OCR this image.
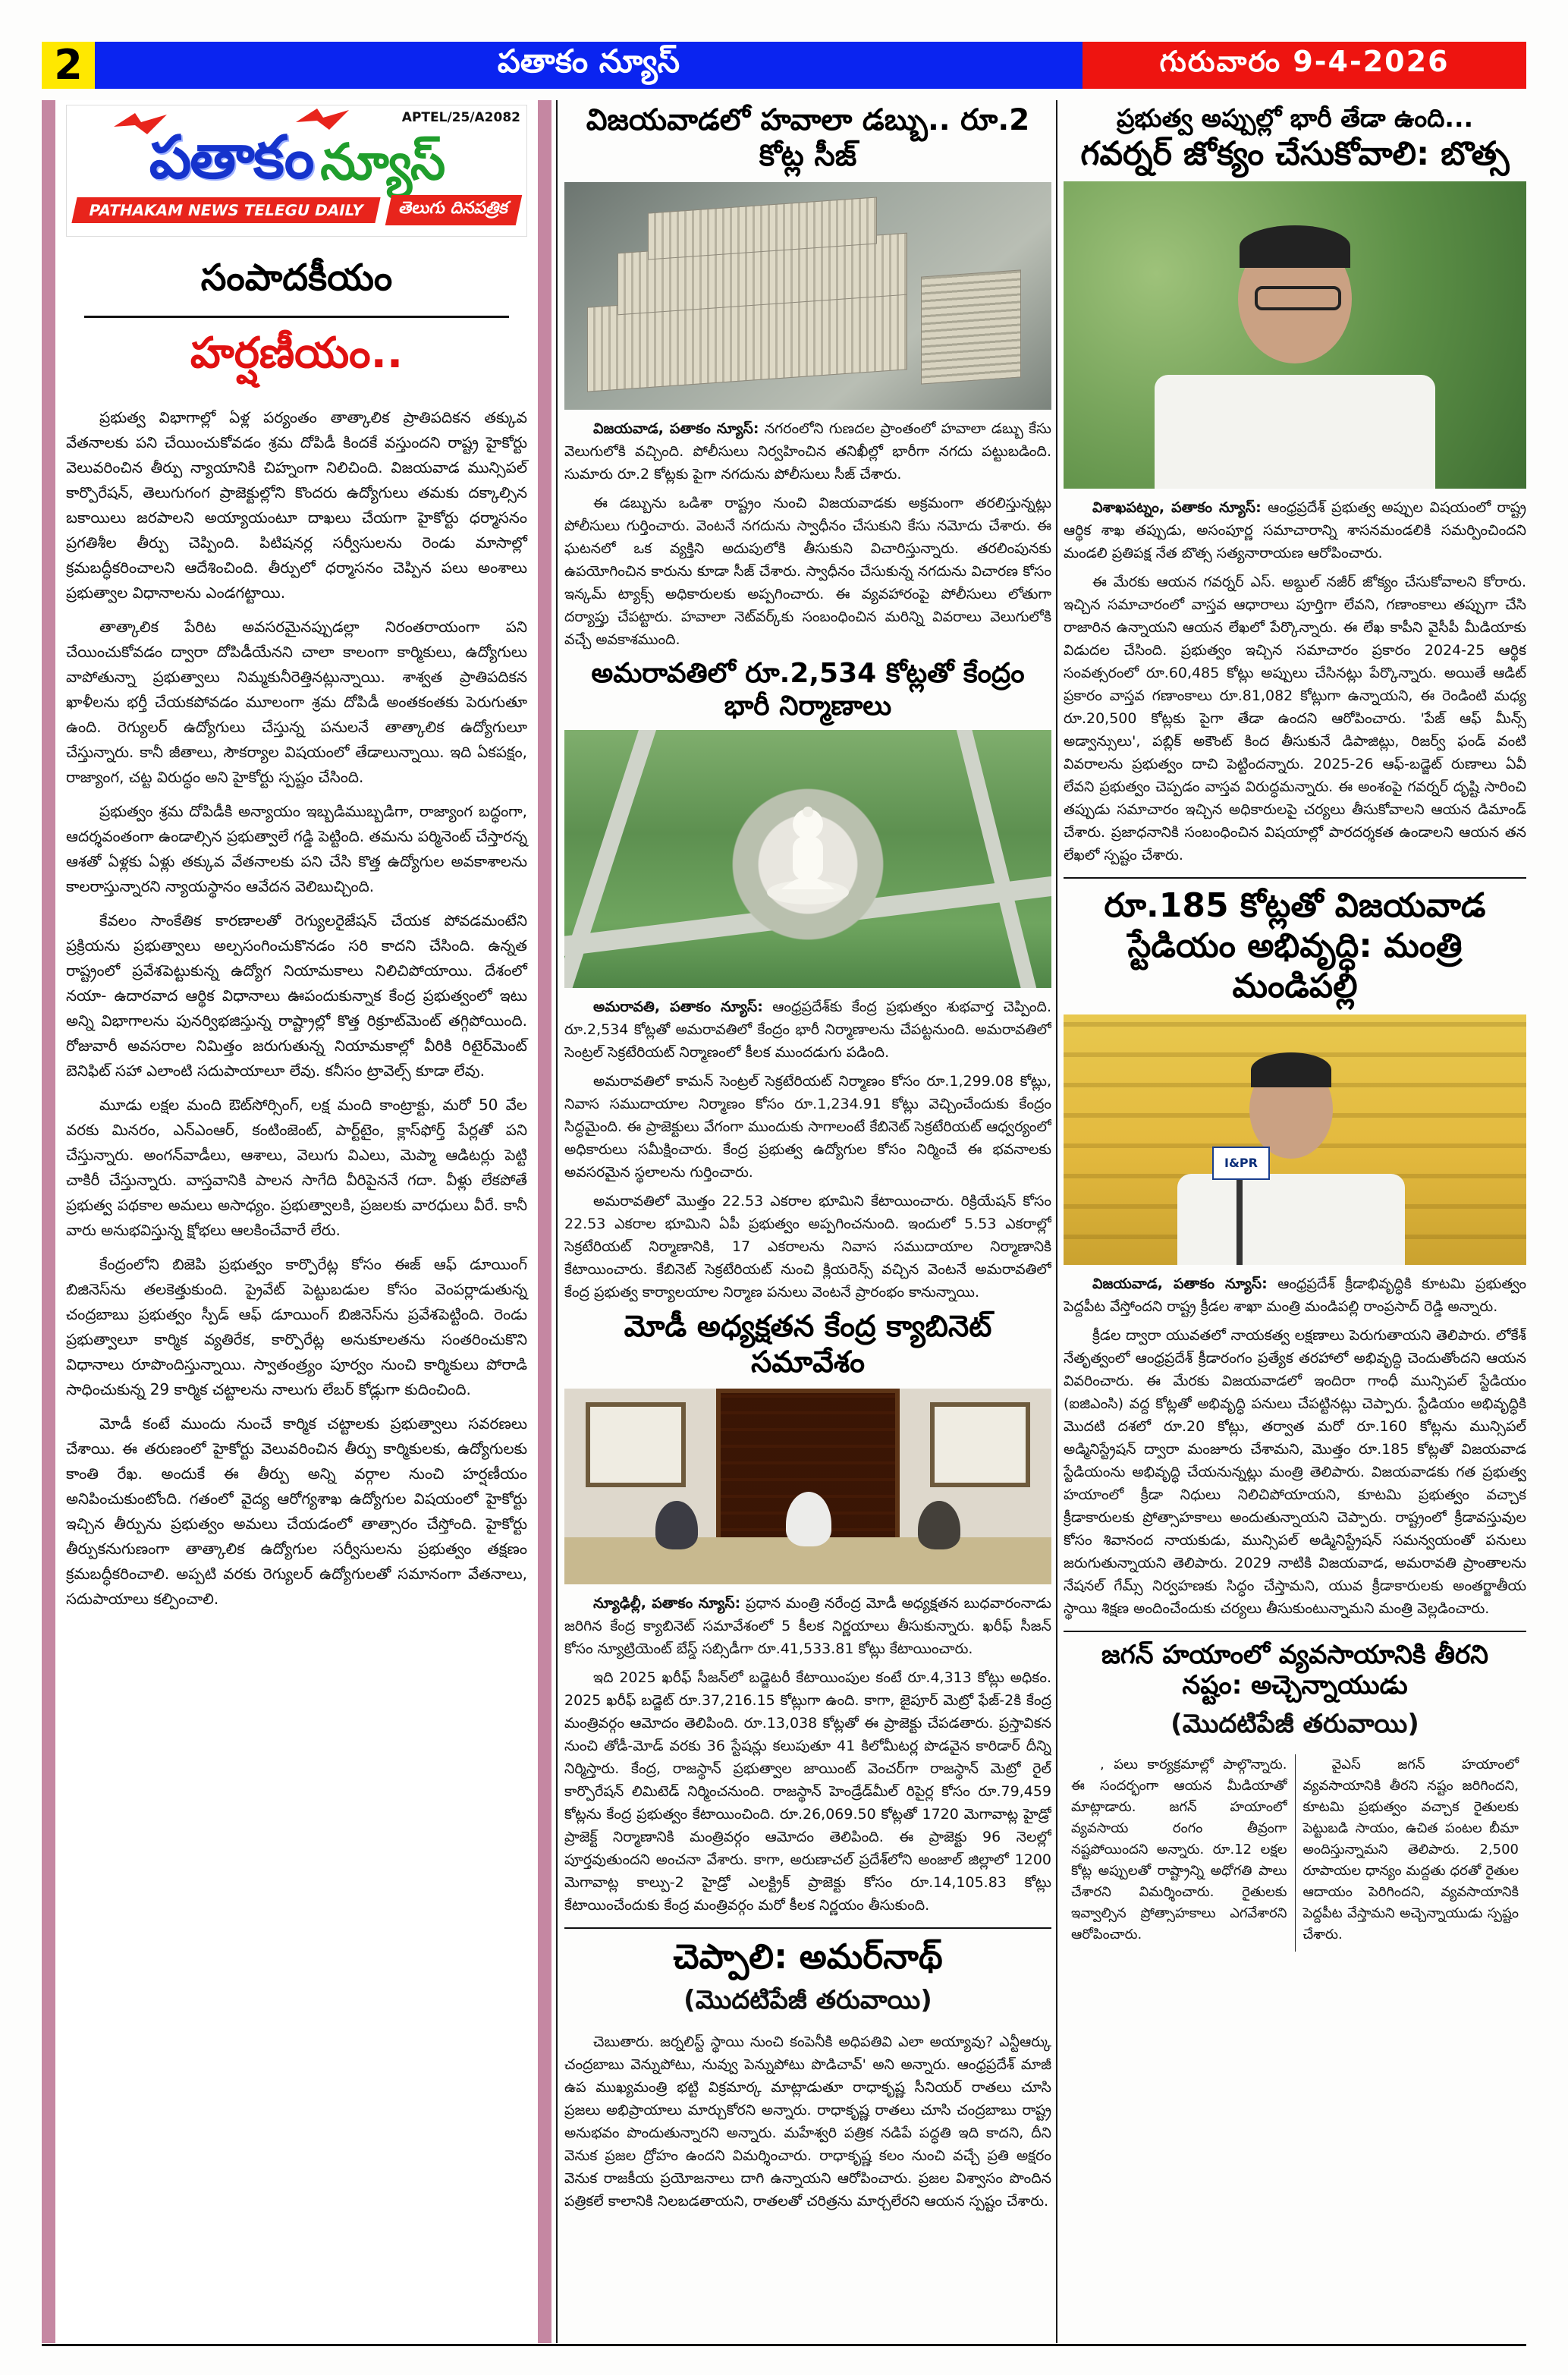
2	పతాకం న్యూస్	గురువారం 9-4-2026
APTEL/25/A2082
పతాకం న్యూస్
PATHAKAM NEWS TELEGU DAILY	తెలుగు దినపత్రిక
సంపాదకీయం
హర్షణీయం..

ప్రభుత్వ విభాగాల్లో ఏళ్ల పర్యంతం తాత్కాలిక ప్రాతిపదికన తక్కువ వేతనాలకు పని చేయించుకోవడం శ్రమ దోపిడీ కిందకే వస్తుందని రాష్ట్ర హైకోర్టు వెలువరించిన తీర్పు న్యాయానికి చిహ్నంగా నిలిచింది. విజయవాడ మున్సిపల్ కార్పొరేషన్, తెలుగుగంగ ప్రాజెక్టుల్లోని కొందరు ఉద్యోగులు తమకు దక్కాల్సిన బకాయిలు జరపాలని అయ్యాయంటూ దాఖలు చేయగా హైకోర్టు ధర్మాసనం ప్రగతిశీల తీర్పు చెప్పింది. పిటిషనర్ల సర్వీసులను రెండు మాసాల్లో క్రమబద్ధీకరించాలని ఆదేశించింది. తీర్పులో ధర్మాసనం చెప్పిన పలు అంశాలు ప్రభుత్వాల విధానాలను ఎండగట్టాయి.

తాత్కాలిక పేరిట అవసరమైనప్పుడల్లా నిరంతరాయంగా పని చేయించుకోవడం ద్వారా దోపిడీయేనని చాలా కాలంగా కార్మికులు, ఉద్యోగులు వాపోతున్నా ప్రభుత్వాలు నిమ్మకునీరెత్తినట్లున్నాయి. శాశ్వత ప్రాతిపదికన ఖాళీలను భర్తీ చేయకపోవడం మూలంగా శ్రమ దోపిడీ అంతకంతకు పెరుగుతూ ఉంది. రెగ్యులర్ ఉద్యోగులు చేస్తున్న పనులనే తాత్కాలిక ఉద్యోగులూ చేస్తున్నారు. కానీ జీతాలు, సౌకర్యాల విషయంలో తేడాలున్నాయి. ఇది ఏకపక్షం, రాజ్యాంగ, చట్ట విరుద్ధం అని హైకోర్టు స్పష్టం చేసింది.

ప్రభుత్వం శ్రమ దోపిడీకి అన్యాయం ఇబ్బడిముబ్బడిగా, రాజ్యాంగ బద్ధంగా, ఆదర్శవంతంగా ఉండాల్సిన ప్రభుత్వాలే గడ్డి పెట్టింది. తమను పర్మినెంట్ చేస్తారన్న ఆశతో ఏళ్లకు ఏళ్లు తక్కువ వేతనాలకు పని చేసి కొత్త ఉద్యోగుల అవకాశాలను కాలరాస్తున్నారని న్యాయస్థానం ఆవేదన వెలిబుచ్చింది.

కేవలం సాంకేతిక కారణాలతో రెగ్యులరైజేషన్ చేయక పోవడమంటేని ప్రక్రియను ప్రభుత్వాలు అల్పసంగించుకొనడం సరి కాదని చేసింది. ఉన్నత రాష్ట్రంలో ప్రవేశపెట్టుకున్న ఉద్యోగ నియామకాలు నిలిచిపోయాయి. దేశంలో నయా- ఉదారవాద ఆర్థిక విధానాలు ఊపందుకున్నాక కేంద్ర ప్రభుత్వంలో ఇటు అన్ని విభాగాలను పునర్విభజిస్తున్న రాష్ట్రాల్లో కొత్త రిక్రూట్‌మెంట్ తగ్గిపోయింది. రోజువారీ అవసరాల నిమిత్తం జరుగుతున్న నియామకాల్లో వీరికి రిటైర్‌మెంట్ బెనిఫిట్ సహా ఎలాంటి సదుపాయాలూ లేవు. కనీసం ట్రావెల్స్ కూడా లేవు.

మూడు లక్షల మంది ఔట్‌సోర్సింగ్, లక్ష మంది కాంట్రాక్టు, మరో 50 వేల వరకు మినరం, ఎన్‌ఎంఆర్, కంటింజెంట్, పార్ట్‌టైం, క్లాస్‌ఫోర్త్ పేర్లతో పని చేస్తున్నారు. అంగన్‌వాడీలు, ఆశాలు, వెలుగు విఎలు, మెప్మా ఆడిటర్లు పెట్టి చాకిరీ చేస్తున్నారు. వాస్తవానికి పాలన సాగేది వీరిపైననే గదా. వీళ్లు లేకపోతే ప్రభుత్వ పథకాల అమలు అసాధ్యం. ప్రభుత్వాలకి, ప్రజలకు వారధులు వీరే. కానీ వారు అనుభవిస్తున్న క్షోభలు ఆలకించేవారే లేరు.

కేంద్రంలోని బిజెపి ప్రభుత్వం కార్పొరేట్ల కోసం ఈజ్ ఆఫ్ డూయింగ్ బిజినెస్‌ను తలకెత్తుకుంది. ప్రైవేట్ పెట్టుబడుల కోసం వెంపర్లాడుతున్న చంద్రబాబు ప్రభుత్వం స్పీడ్ ఆఫ్ డూయింగ్ బిజినెస్‌ను ప్రవేశపెట్టింది. రెండు ప్రభుత్వాలూ కార్మిక వ్యతిరేక, కార్పొరేట్ల అనుకూలతను సంతరించుకొని విధానాలు రూపొందిస్తున్నాయి. స్వాతంత్ర్యం పూర్వం నుంచి కార్మికులు పోరాడి సాధించుకున్న 29 కార్మిక చట్టాలను నాలుగు లేబర్ కోడ్లుగా కుదించింది.

మోడీ కంటే ముందు నుంచే కార్మిక చట్టాలకు ప్రభుత్వాలు సవరణలు చేశాయి. ఈ తరుణంలో హైకోర్టు వెలువరించిన తీర్పు కార్మికులకు, ఉద్యోగులకు కాంతి రేఖ. అందుకే ఈ తీర్పు అన్ని వర్గాల నుంచి హర్షణీయం అనిపించుకుంటోంది. గతంలో వైద్య ఆరోగ్యశాఖ ఉద్యోగుల విషయంలో హైకోర్టు ఇచ్చిన తీర్పును ప్రభుత్వం అమలు చేయడంలో తాత్సారం చేస్తోంది. హైకోర్టు తీర్పుకనుగుణంగా తాత్కాలిక ఉద్యోగుల సర్వీసులను ప్రభుత్వం తక్షణం క్రమబద్ధీకరించాలి. అప్పటి వరకు రెగ్యులర్ ఉద్యోగులతో సమానంగా వేతనాలు, సదుపాయాలు కల్పించాలి.

విజయవాడలో హవాలా డబ్బు.. రూ.2 కోట్ల సీజ్

విజయవాడ, పతాకం న్యూస్: నగరంలోని గుణదల ప్రాంతంలో హవాలా డబ్బు కేసు వెలుగులోకి వచ్చింది. పోలీసులు నిర్వహించిన తనిఖీల్లో భారీగా నగదు పట్టుబడింది. సుమారు రూ.2 కోట్లకు పైగా నగదును పోలీసులు సీజ్ చేశారు.

ఈ డబ్బును ఒడిశా రాష్ట్రం నుంచి విజయవాడకు అక్రమంగా తరలిస్తున్నట్లు పోలీసులు గుర్తించారు. వెంటనే నగదును స్వాధీనం చేసుకుని కేసు నమోదు చేశారు. ఈ ఘటనలో ఒక వ్యక్తిని అదుపులోకి తీసుకుని విచారిస్తున్నారు. తరలింపునకు ఉపయోగించిన కారును కూడా సీజ్ చేశారు. స్వాధీనం చేసుకున్న నగదును విచారణ కోసం ఇన్కమ్ ట్యాక్స్ అధికారులకు అప్పగించారు. ఈ వ్యవహారంపై పోలీసులు లోతుగా దర్యాప్తు చేపట్టారు. హవాలా నెట్‌వర్క్‌కు సంబంధించిన మరిన్ని వివరాలు వెలుగులోకి వచ్చే అవకాశముంది.

అమరావతిలో రూ.2,534 కోట్లతో కేంద్రం భారీ నిర్మాణాలు

అమరావతి, పతాకం న్యూస్: ఆంధ్రప్రదేశ్‌కు కేంద్ర ప్రభుత్వం శుభవార్త చెప్పింది. రూ.2,534 కోట్లతో అమరావతిలో కేంద్రం భారీ నిర్మాణాలను చేపట్టనుంది. అమరావతిలో సెంట్రల్ సెక్రటేరియట్ నిర్మాణంలో కీలక ముందడుగు పడింది.

అమరావతిలో కామన్ సెంట్రల్ సెక్రటేరియట్ నిర్మాణం కోసం రూ.1,299.08 కోట్లు, నివాస సముదాయాల నిర్మాణం కోసం రూ.1,234.91 కోట్లు వెచ్చించేందుకు కేంద్రం సిద్ధమైంది. ఈ ప్రాజెక్టులు వేగంగా ముందుకు సాగాలంటే కేబినెట్ సెక్రటేరియట్ ఆధ్వర్యంలో అధికారులు సమీక్షించారు. కేంద్ర ప్రభుత్వ ఉద్యోగుల కోసం నిర్మించే ఈ భవనాలకు అవసరమైన స్థలాలను గుర్తించారు.

అమరావతిలో మొత్తం 22.53 ఎకరాల భూమిని కేటాయించారు. రిక్రియేషన్ కోసం 22.53 ఎకరాల భూమిని ఏపీ ప్రభుత్వం అప్పగించనుంది. ఇందులో 5.53 ఎకరాల్లో సెక్రటేరియట్ నిర్మాణానికి, 17 ఎకరాలను నివాస సముదాయాల నిర్మాణానికి కేటాయించారు. కేబినెట్ సెక్రటేరియట్ నుంచి క్లియరెన్స్ వచ్చిన వెంటనే అమరావతిలో కేంద్ర ప్రభుత్వ కార్యాలయాల నిర్మాణ పనులు వెంటనే ప్రారంభం కానున్నాయి.

మోడీ అధ్యక్షతన కేంద్ర క్యాబినెట్ సమావేశం

న్యూఢిల్లీ, పతాకం న్యూస్: ప్రధాన మంత్రి నరేంద్ర మోడీ అధ్యక్షతన బుధవారంనాడు జరిగిన కేంద్ర క్యాబినెట్ సమావేశంలో 5 కీలక నిర్ణయాలు తీసుకున్నారు. ఖరీఫ్ సీజన్ కోసం న్యూట్రియెంట్ బేస్డ్ సబ్సిడీగా రూ.41,533.81 కోట్లు కేటాయించారు.

ఇది 2025 ఖరీఫ్ సీజన్‌లో బడ్జెటరీ కేటాయింపుల కంటే రూ.4,313 కోట్లు అధికం. 2025 ఖరీఫ్ బడ్జెట్ రూ.37,216.15 కోట్లుగా ఉంది. కాగా, జైపూర్ మెట్రో ఫేజ్-2కి కేంద్ర మంత్రివర్గం ఆమోదం తెలిపింది. రూ.13,038 కోట్లతో ఈ ప్రాజెక్టు చేపడతారు. ప్రస్తావికన నుంచి తోడీ-మోడ్ వరకు 36 స్టేషన్లు కలుపుతూ 41 కిలోమీటర్ల పొడవైన కారిడార్ దీన్ని నిర్మిస్తారు. కేంద్ర, రాజస్థాన్ ప్రభుత్వాల జాయింట్ వెంచర్‌గా రాజస్థాన్ మెట్రో రైల్ కార్పొరేషన్ లిమిటెడ్ నిర్మించనుంది. రాజస్థాన్ హెండ్రేడ్‌మీల్ రిపైర్ల కోసం రూ.79,459 కోట్లను కేంద్ర ప్రభుత్వం కేటాయించింది. రూ.26,069.50 కోట్లతో 1720 మెగావాట్ల హైడ్రో ప్రాజెక్ట్ నిర్మాణానికి మంత్రివర్గం ఆమోదం తెలిపింది. ఈ ప్రాజెక్టు 96 నెలల్లో పూర్తవుతుందని అంచనా వేశారు. కాగా, అరుణాచల్ ప్రదేశ్‌లోని అంజాల్ జిల్లాలో 1200 మెగావాట్ల కాల్పు-2 హైడ్రో ఎలక్ట్రిక్ ప్రాజెక్టు కోసం రూ.14,105.83 కోట్లు కేటాయించేందుకు కేంద్ర మంత్రివర్గం మరో కీలక నిర్ణయం తీసుకుంది.

చెప్పాలి: అమర్‌నాథ్
(మొదటిపేజీ తరువాయి)

చెబుతారు. జర్నలిస్ట్ స్థాయి నుంచి కంపెనీకి అధిపతివి ఎలా అయ్యావు? ఎన్టీఆర్కు చంద్రబాబు వెన్నుపోటు, నువ్వు పెన్నుపోటు పొడిచావ్' అని అన్నారు. ఆంధ్రప్రదేశ్ మాజీ ఉప ముఖ్యమంత్రి భట్టి విక్రమార్క మాట్లాడుతూ రాధాకృష్ణ సీనియర్ రాతలు చూసి ప్రజలు అభిప్రాయాలు మార్చుకోరని అన్నారు. రాధాకృష్ణ రాతలు చూసి చంద్రబాబు రాష్ట్ర అనుభవం పొందుతున్నారని అన్నారు. మహేశ్వరి పత్రిక నడిపే పద్ధతి ఇది కాదని, దీని వెనుక ప్రజల ద్రోహం ఉందని విమర్శించారు. రాధాకృష్ణ కలం నుంచి వచ్చే ప్రతి అక్షరం వెనుక రాజకీయ ప్రయోజనాలు దాగి ఉన్నాయని ఆరోపించారు. ప్రజల విశ్వాసం పొందిన పత్రికలే కాలానికి నిలబడతాయని, రాతలతో చరిత్రను మార్చలేరని ఆయన స్పష్టం చేశారు.

ప్రభుత్వ అప్పుల్లో భారీ తేడా ఉంది...
గవర్నర్ జోక్యం చేసుకోవాలి: బొత్స

విశాఖపట్నం, పతాకం న్యూస్: ఆంధ్రప్రదేశ్ ప్రభుత్వ అప్పుల విషయంలో రాష్ట్ర ఆర్థిక శాఖ తప్పుడు, అసంపూర్ణ సమాచారాన్ని శాసనమండలికి సమర్పించిందని మండలి ప్రతిపక్ష నేత బొత్స సత్యనారాయణ ఆరోపించారు.

ఈ మేరకు ఆయన గవర్నర్ ఎస్. అబ్దుల్ నజీర్ జోక్యం చేసుకోవాలని కోరారు. ఇచ్చిన సమాచారంలో వాస్తవ ఆధారాలు పూర్తిగా లేవని, గణాంకాలు తప్పుగా చేసి రాజారిన ఉన్నాయని ఆయన లేఖలో పేర్కొన్నారు. ఈ లేఖ కాపీని వైసీపీ మీడియాకు విడుదల చేసింది. ప్రభుత్వం ఇచ్చిన సమాచారం ప్రకారం 2024-25 ఆర్థిక సంవత్సరంలో రూ.60,485 కోట్లు అప్పులు చేసినట్లు పేర్కొన్నారు. అయితే ఆడిట్ ప్రకారం వాస్తవ గణాంకాలు రూ.81,082 కోట్లుగా ఉన్నాయని, ఈ రెండింటి మధ్య రూ.20,500 కోట్లకు పైగా తేడా ఉందని ఆరోపించారు. 'పేజ్ ఆఫ్ మీన్స్ అడ్వాన్సులు', పబ్లిక్ అకౌంట్ కింద తీసుకునే డిపాజిట్లు, రిజర్వ్ ఫండ్ వంటి వివరాలను ప్రభుత్వం దాచి పెట్టిందన్నారు. 2025-26 ఆఫ్-బడ్జెట్ రుణాలు ఏవీ లేవని ప్రభుత్వం చెప్పడం వాస్తవ విరుద్ధమన్నారు. ఈ అంశంపై గవర్నర్ దృష్టి సారించి తప్పుడు సమాచారం ఇచ్చిన అధికారులపై చర్యలు తీసుకోవాలని ఆయన డిమాండ్ చేశారు. ప్రజాధనానికి సంబంధించిన విషయాల్లో పారదర్శకత ఉండాలని ఆయన తన లేఖలో స్పష్టం చేశారు.

రూ.185 కోట్లతో విజయవాడ స్టేడియం అభివృద్ధి: మంత్రి మండిపల్లి
I&PR

విజయవాడ, పతాకం న్యూస్: ఆంధ్రప్రదేశ్ క్రీడాభివృద్ధికి కూటమి ప్రభుత్వం పెద్దపీట వేస్తోందని రాష్ట్ర క్రీడల శాఖా మంత్రి మండిపల్లి రాంప్రసాద్ రెడ్డి అన్నారు.

క్రీడల ద్వారా యువతలో నాయకత్వ లక్షణాలు పెరుగుతాయని తెలిపారు. లోకేశ్ నేతృత్వంలో ఆంధ్రప్రదేశ్ క్రీడారంగం ప్రత్యేక తరహాలో అభివృద్ధి చెందుతోందని ఆయన వివరించారు. ఈ మేరకు విజయవాడలో ఇందిరా గాంధీ మున్సిపల్ స్టేడియం (ఐజిఎంసి) వద్ద కోట్లతో అభివృద్ధి పనులు చేపట్టినట్లు చెప్పారు. స్టేడియం అభివృద్ధికి మొదటి దశలో రూ.20 కోట్లు, తర్వాత మరో రూ.160 కోట్లను మున్సిపల్ అడ్మినిస్ట్రేషన్ ద్వారా మంజూరు చేశామని, మొత్తం రూ.185 కోట్లతో విజయవాడ స్టేడియంను అభివృద్ధి చేయనున్నట్లు మంత్రి తెలిపారు. విజయవాడకు గత ప్రభుత్వ హయాంలో క్రీడా నిధులు నిలిచిపోయాయని, కూటమి ప్రభుత్వం వచ్చాక క్రీడాకారులకు ప్రోత్సాహకాలు అందుతున్నాయని చెప్పారు. రాష్ట్రంలో క్రీడావస్తువుల కోసం శివానంద నాయకుడు, మున్సిపల్ అడ్మినిస్ట్రేషన్ సమన్వయంతో పనులు జరుగుతున్నాయని తెలిపారు. 2029 నాటికి విజయవాడ, అమరావతి ప్రాంతాలను నేషనల్ గేమ్స్ నిర్వహణకు సిద్ధం చేస్తామని, యువ క్రీడాకారులకు అంతర్జాతీయ స్థాయి శిక్షణ అందించేందుకు చర్యలు తీసుకుంటున్నామని మంత్రి వెల్లడించారు.

జగన్ హయాంలో వ్యవసాయానికి తీరని నష్టం: అచ్చెన్నాయుడు
(మొదటిపేజీ తరువాయి)

, పలు కార్యక్రమాల్లో పాల్గొన్నారు. ఈ సందర్భంగా ఆయన మీడియాతో మాట్లాడారు. జగన్ హయాంలో వ్యవసాయ రంగం తీవ్రంగా నష్టపోయిందని అన్నారు. రూ.12 లక్షల కోట్ల అప్పులతో రాష్ట్రాన్ని అధోగతి పాలు చేశారని విమర్శించారు. రైతులకు ఇవ్వాల్సిన ప్రోత్సాహకాలు ఎగవేశారని ఆరోపించారు.

వైఎస్ జగన్ హయాంలో వ్యవసాయానికి తీరని నష్టం జరిగిందని, కూటమి ప్రభుత్వం వచ్చాక రైతులకు పెట్టుబడి సాయం, ఉచిత పంటల బీమా అందిస్తున్నామని తెలిపారు. 2,500 రూపాయల ధాన్యం మద్దతు ధరతో రైతుల ఆదాయం పెరిగిందని, వ్యవసాయానికి పెద్దపీట వేస్తామని అచ్చెన్నాయుడు స్పష్టం చేశారు.
